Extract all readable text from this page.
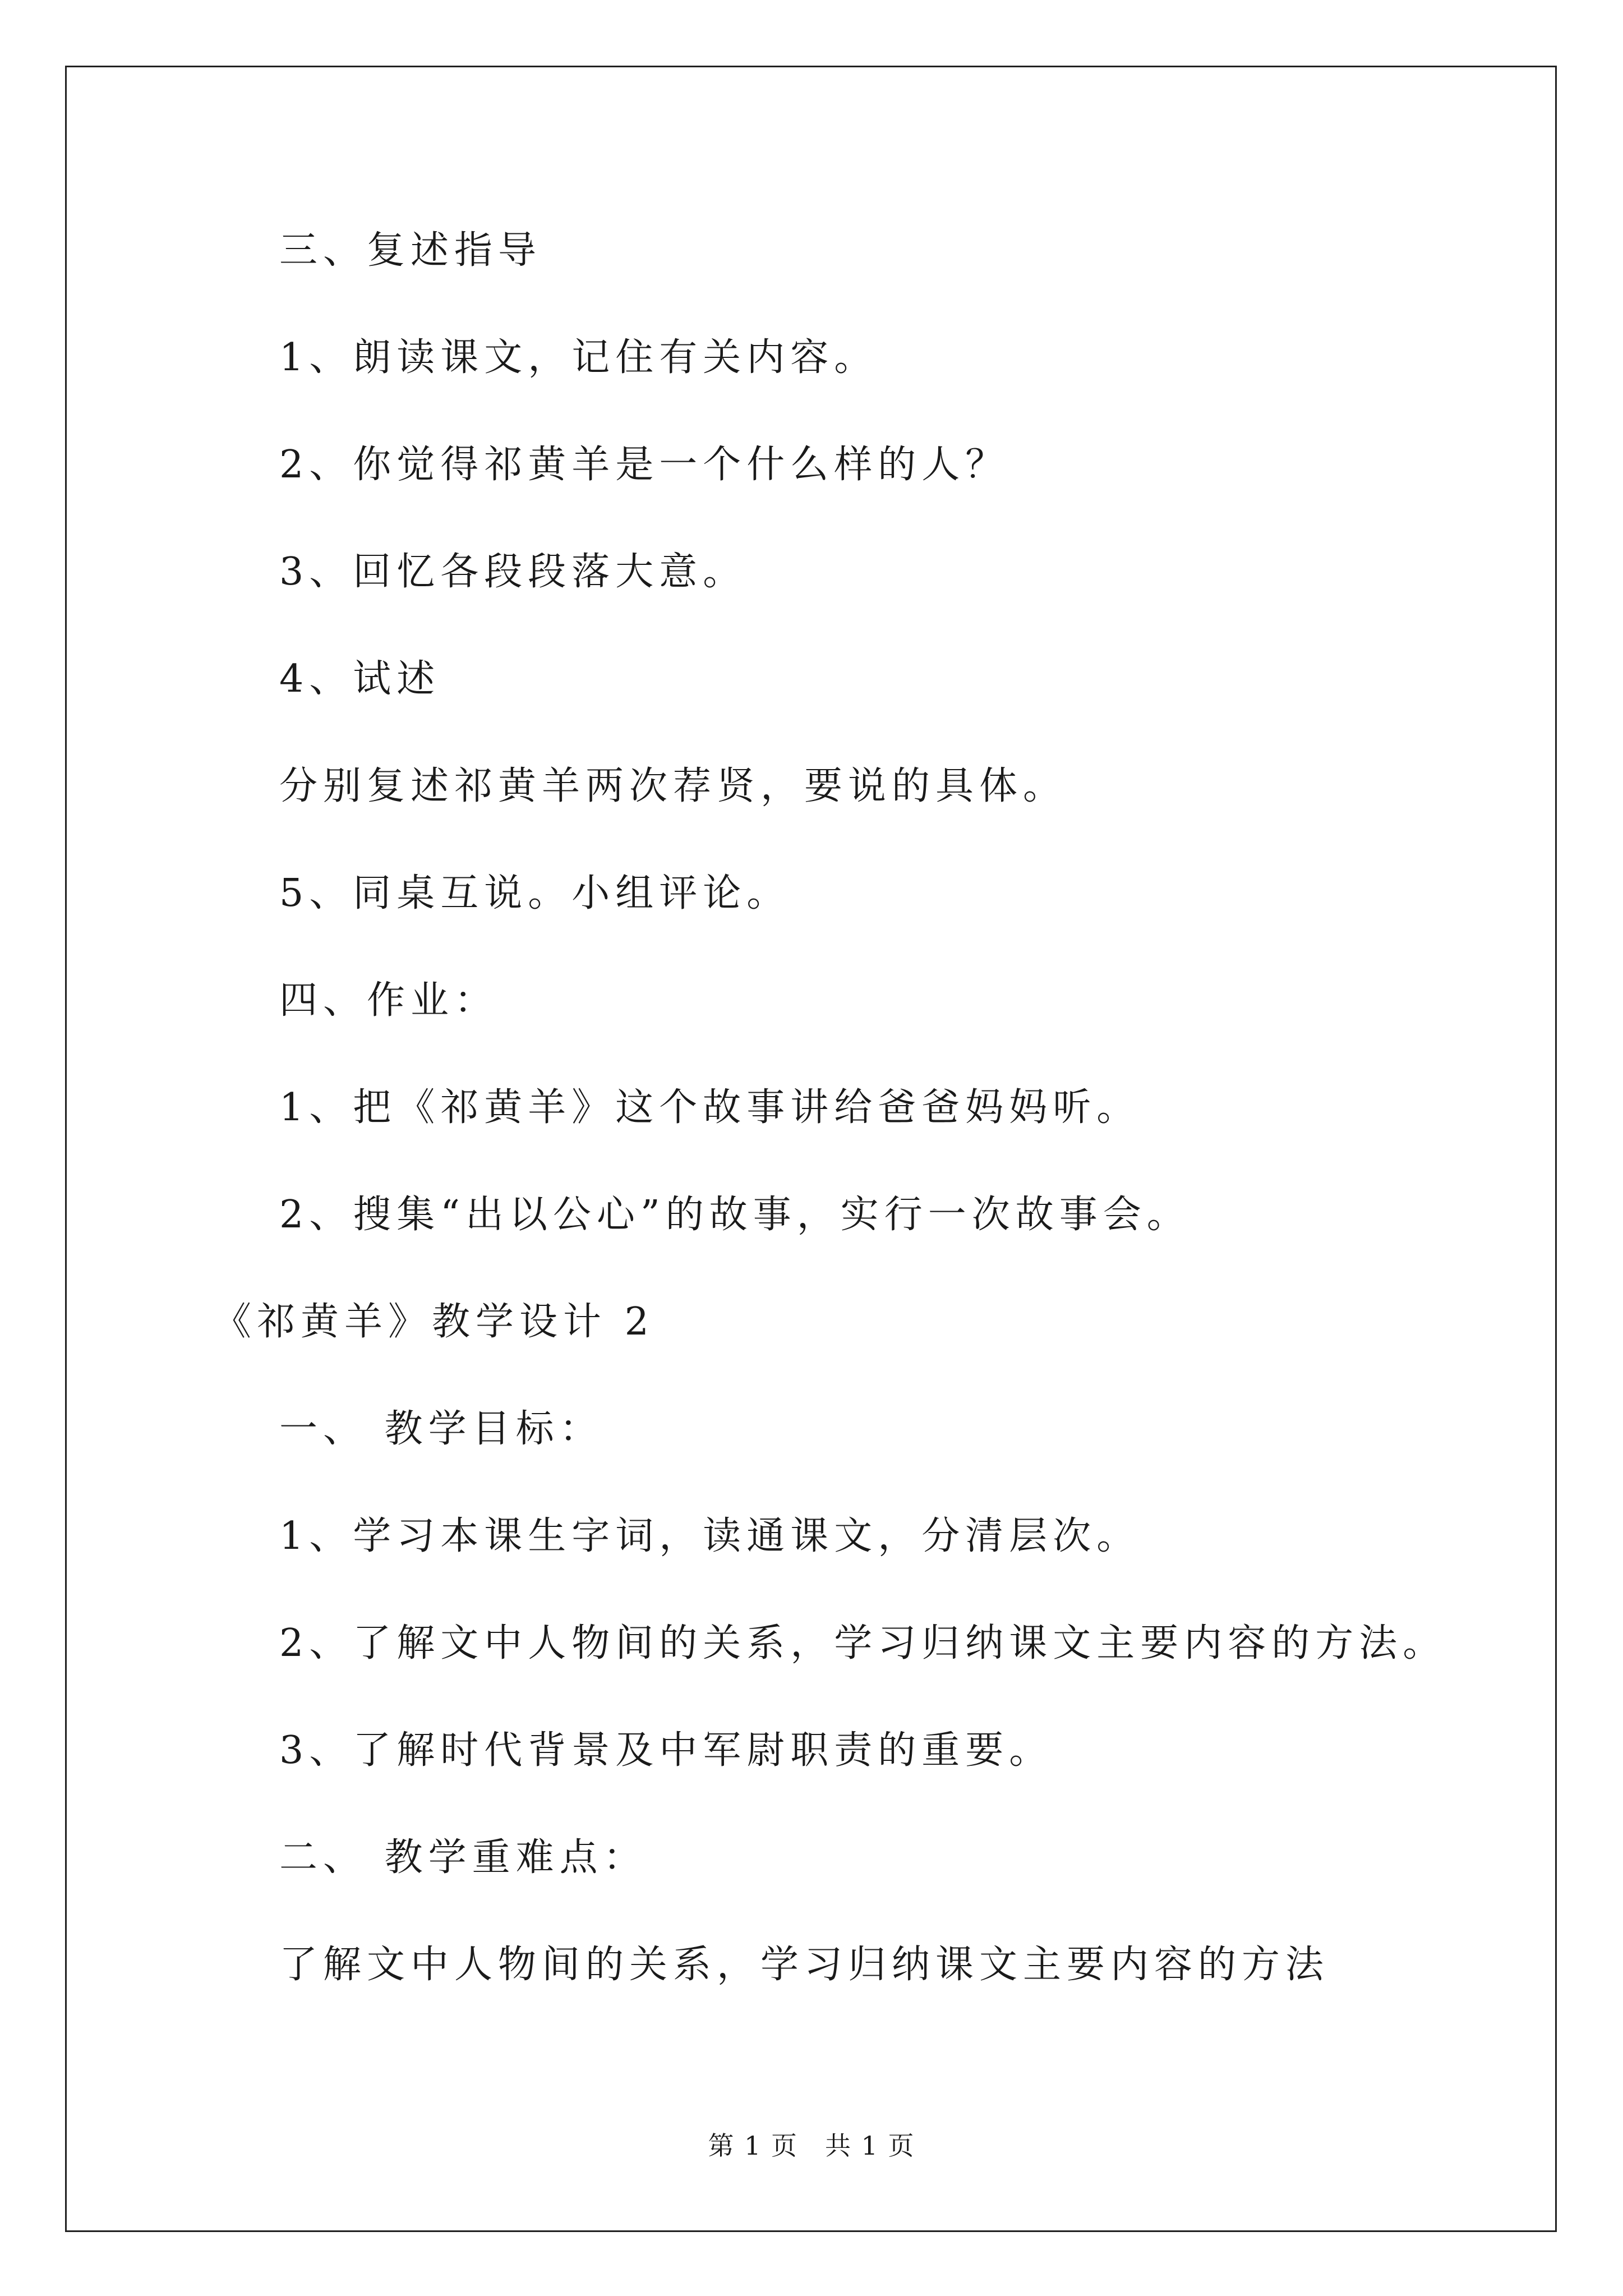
三、复述指导
1、朗读课文，记住有关内容。
2、你觉得祁黄羊是一个什么样的人？
3、回忆各段段落大意。
4、试述
分别复述祁黄羊两次荐贤，要说的具体。
5、同桌互说。小组评论。
四、作业：
1、把《祁黄羊》这个故事讲给爸爸妈妈听。
2、搜集“出以公心”的故事，实行一次故事会。
《祁黄羊》教学设计 2
一、 教学目标：
1、学习本课生字词，读通课文，分清层次。
2、了解文中人物间的关系，学习归纳课文主要内容的方法。
3、了解时代背景及中军尉职责的重要。
二、 教学重难点：
了解文中人物间的关系，学习归纳课文主要内容的方法
第 1 页　共 1 页
